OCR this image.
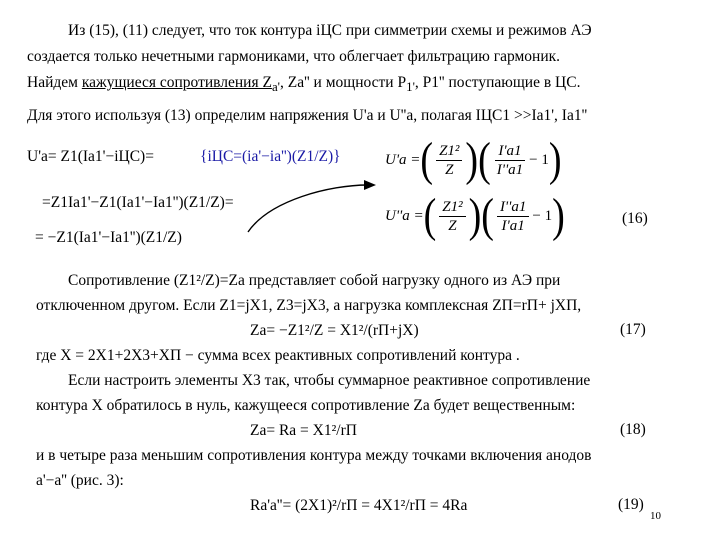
Из (15), (11) следует, что ток контура iЦС при симметрии схемы и режимов АЭ
создается только нечетными гармониками, что облегчает фильтрацию гармоник.
Найдем кажущиеся сопротивления $Z_{a'}$, Za'' и мощности $P_{1'}$, P1'' поступающие в ЦС.
Для этого используя (13) определим напряжения U'a и U''a, полагая IЦС1 >>Ia1', Ia1''
U'a= Z1(Ia1'−iЦС)=	{iЦС=(ia'−ia'')(Z1/Z)}
=Z1Ia1'−Z1(Ia1'−Ia1'')(Z1/Z)=
= −Z1(Ia1'−Ia1'')(Z1/Z)
U'a = ( $\frac{\text{Z1²}}{Z}$ ) ( $\frac{I'a1}{I''a1} - 1$ )
U''a = ( $\frac{\text{Z1²}}{Z}$ ) ( $\frac{I''a1}{I'a1} - 1$ )	(16)
Сопротивление (Z1²/Z)=Za представляет собой нагрузку одного из АЭ при
отключенном другом. Если Z1=jX1, Z3=jX3, а нагрузка комплексная ZП=rП+ jXП,
Za= −Z1²/Z = X1²/(rП+jX)	(17)
где X = 2X1+2X3+XП − сумма всех реактивных сопротивлений контура .
Если настроить элементы X3 так, чтобы суммарное реактивное сопротивление
контура X обратилось в нуль, кажущееся сопротивление Za будет вещественным:
Za= Ra = X1²/rП	(18)
и в четыре раза меньшим сопротивления контура между точками включения анодов
a'−a'' (рис. 3):
Ra'a''= (2X1)²/rП = 4X1²/rП = 4Ra	(19)
10
